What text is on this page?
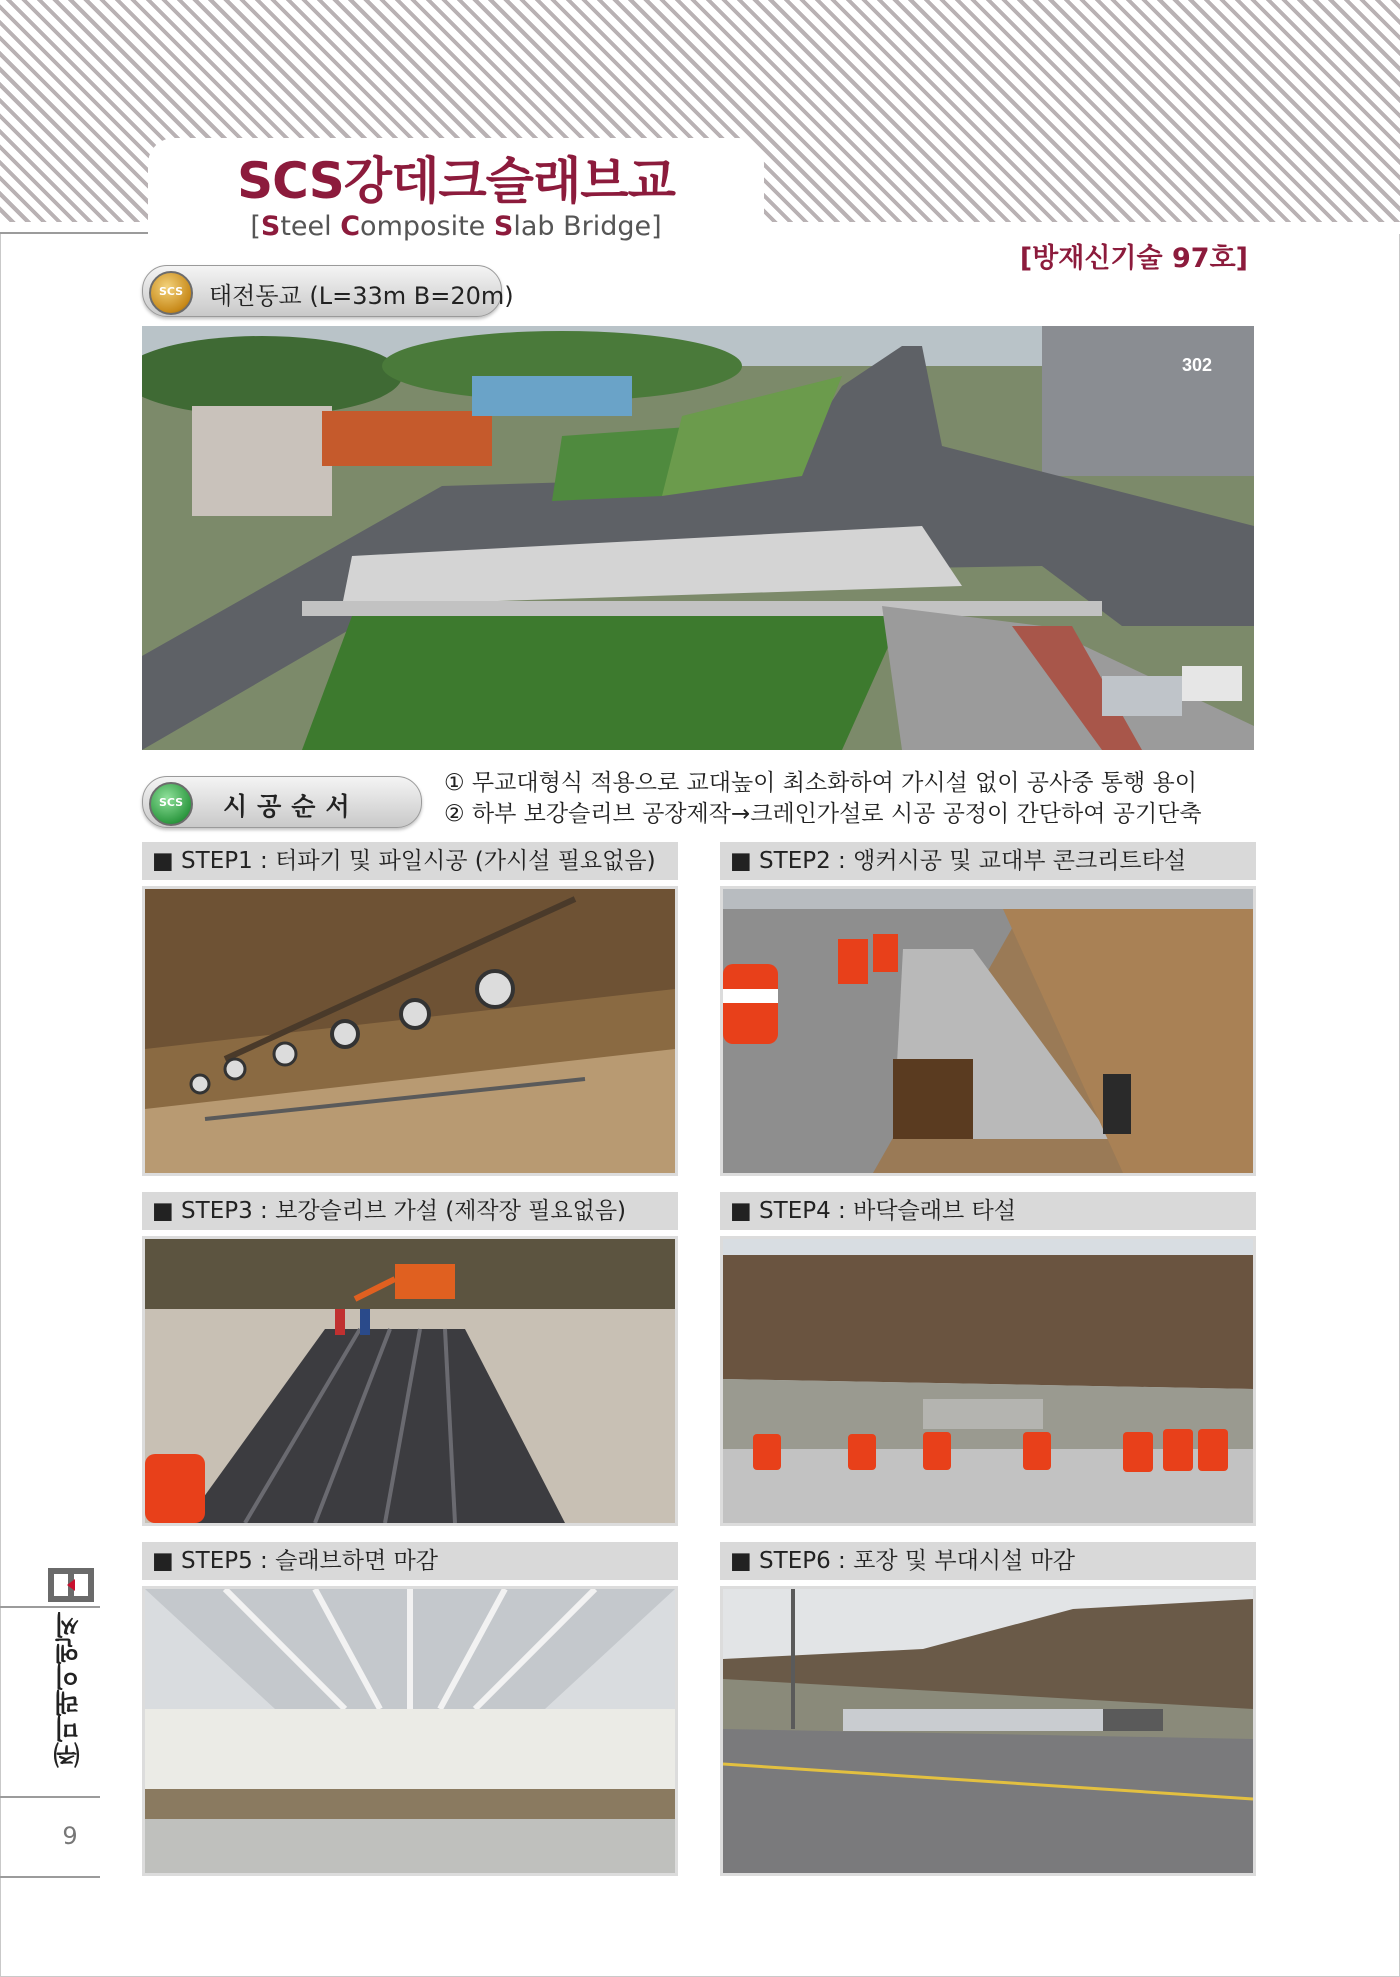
SCS강데크슬래브교
[Steel Composite Slab Bridge]
[방재신기술 97호]
SCS	태전동교 (L=33m B=20m)
302
SCS	시공순서
① 무교대형식 적용으로 교대높이 최소화하여 가시설 없이 공사중 통행 용이
② 하부 보강슬리브 공장제작→크레인가설로 시공 공정이 간단하여 공기단축
■ STEP1 : 터파기 및 파일시공 (가시설 필요없음)	■ STEP2 : 앵커시공 및 교대부 콘크리트타설
■ STEP3 : 보강슬리브 가설 (제작장 필요없음)	■ STEP4 : 바닥슬래브 타설
■ STEP5 : 슬래브하면 마감	■ STEP6 : 포장 및 부대시설 마감
㈜미래이엔씨
9
